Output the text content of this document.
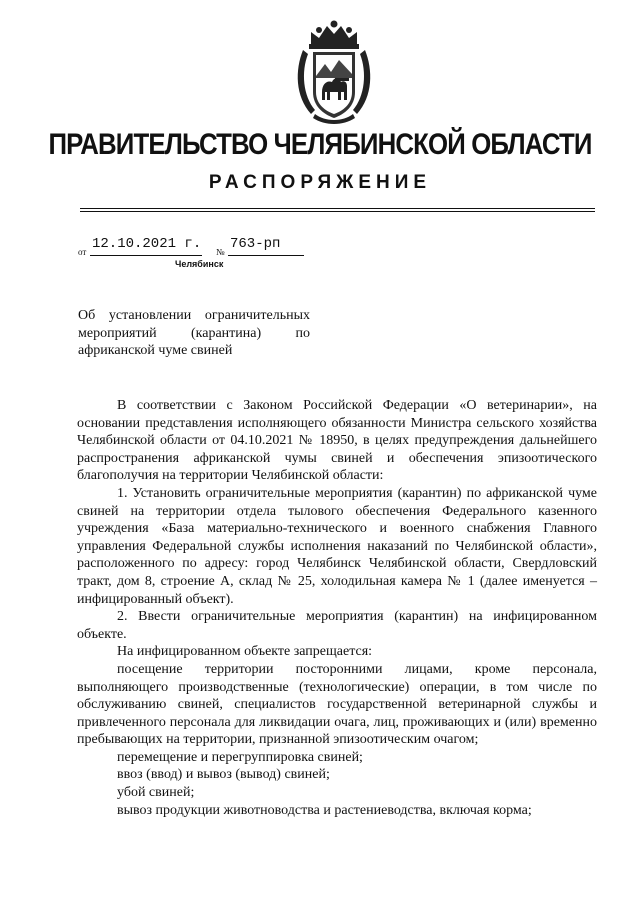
ПРАВИТЕЛЬСТВО ЧЕЛЯБИНСКОЙ ОБЛАСТИ
РАСПОРЯЖЕНИЕ
от 12.10.2021 г. № 763-рп
Челябинск
Об установлении ограничительных
мероприятий (карантина) по
африканской чуме свиней

В соответствии с Законом Российской Федерации «О ветеринарии», на основании представления исполняющего обязанности Министра сельского хозяйства Челябинской области от 04.10.2021 № 18950, в целях предупреждения дальнейшего распространения африканской чумы свиней и обеспечения эпизоотического благополучия на территории Челябинской области:

1. Установить ограничительные мероприятия (карантин) по африканской чуме свиней на территории отдела тылового обеспечения Федерального казенного учреждения «База материально-технического и военного снабжения Главного управления Федеральной службы исполнения наказаний по Челябинской области», расположенного по адресу: город Челябинск Челябинской области, Свердловский тракт, дом 8, строение А, склад № 25, холодильная камера № 1 (далее именуется – инфицированный объект).

2. Ввести ограничительные мероприятия (карантин) на инфицированном объекте.

На инфицированном объекте запрещается:

посещение территории посторонними лицами, кроме персонала, выполняющего производственные (технологические) операции, в том числе по обслуживанию свиней, специалистов государственной ветеринарной службы и привлеченного персонала для ликвидации очага, лиц, проживающих и (или) временно пребывающих на территории, признанной эпизоотическим очагом;

перемещение и перегруппировка свиней;

ввоз (ввод) и вывоз (вывод) свиней;

убой свиней;

вывоз продукции животноводства и растениеводства, включая корма;
